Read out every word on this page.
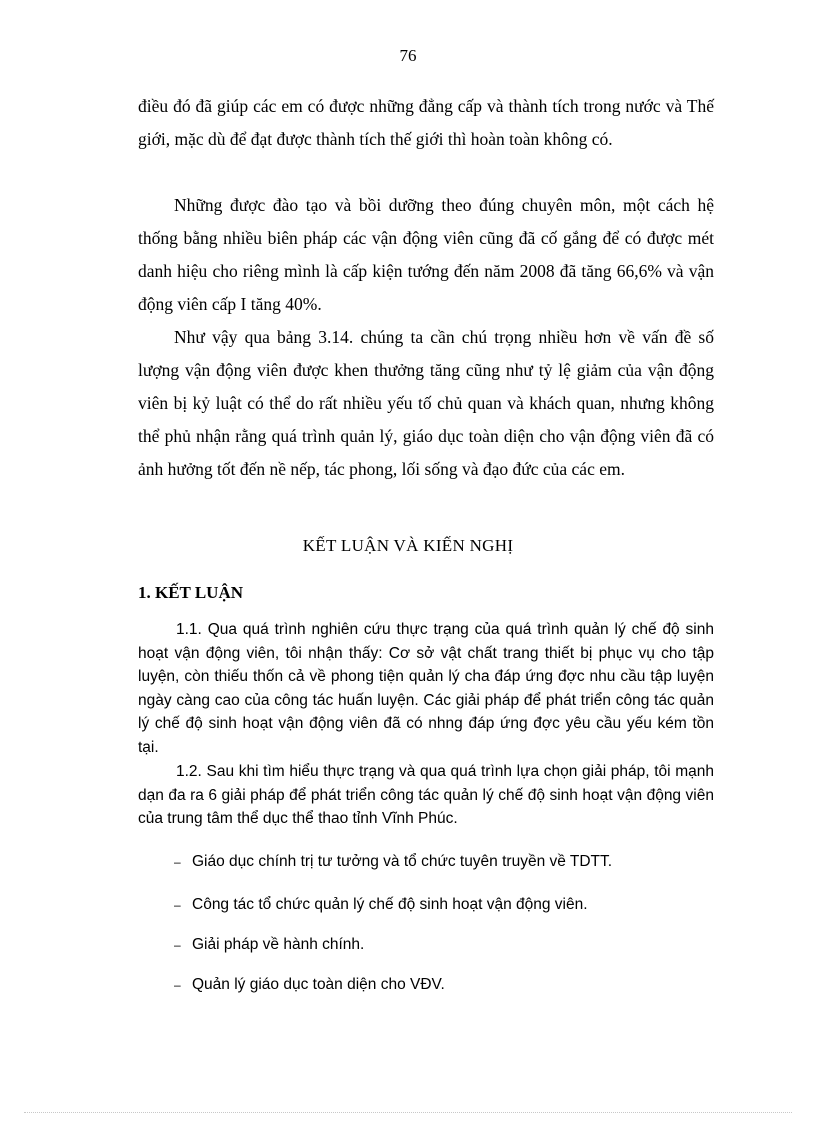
76

điều đó đã giúp các em có được những đẳng cấp và thành tích trong nước và Thế giới, mặc dù để đạt được thành tích thế giới thì hoàn toàn không có.

Những được đào tạo và bồi dưỡng theo đúng chuyên môn, một cách hệ thống bằng nhiều biên pháp các vận động viên cũng đã cố gắng để có được mét danh hiệu cho riêng mình là cấp kiện tướng đến năm 2008 đã tăng 66,6% và vận động viên cấp I tăng 40%.

Như vậy qua bảng 3.14. chúng ta cần chú trọng nhiều hơn về vấn đề số lượng vận động viên được khen thưởng tăng cũng như tỷ lệ giảm của vận động viên bị kỷ luật có thể do rất nhiều yếu tố chủ quan và khách quan, nhưng không thể phủ nhận rằng quá trình quản lý, giáo dục toàn diện cho vận động viên đã có ảnh hưởng tốt đến nề nếp, tác phong, lối sống và đạo đức của các em.

KẾT LUẬN VÀ KIẾN NGHỊ
1. KẾT LUẬN

1.1. Qua quá trình nghiên cứu thực trạng của quá trình quản lý chế độ sinh hoạt vận động viên, tôi nhận thấy: Cơ sở vật chất trang thiết bị phục vụ cho tập luyện, còn thiếu thốn cả về phong tiện quản lý cha đáp ứng đợc nhu cầu tập luyện ngày càng cao của công tác huấn luyện. Các giải pháp để phát triển công tác quản lý chế độ sinh hoạt vận động viên đã có nhng đáp ứng đợc yêu cầu yếu kém tồn tại.

1.2. Sau khi tìm hiểu thực trạng và qua quá trình lựa chọn giải pháp, tôi mạnh dạn đa ra 6 giải pháp để phát triển công tác quản lý chế độ sinh hoạt vận động viên của trung tâm thể dục thể thao tỉnh Vĩnh Phúc.

– Giáo dục chính trị tư tưởng và tổ chức tuyên truyền về TDTT.
– Công tác tổ chức quản lý chế độ sinh hoạt vận động viên.
– Giải pháp về hành chính.
– Quản lý giáo dục toàn diện cho VĐV.
